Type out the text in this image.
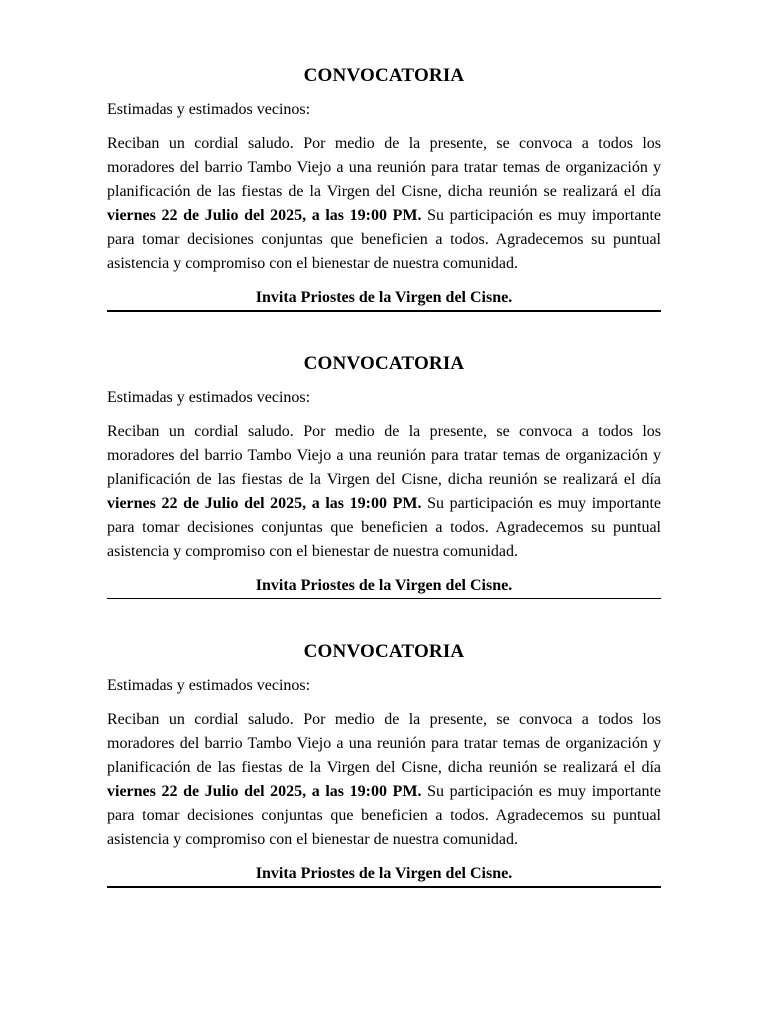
CONVOCATORIA

Estimadas y estimados vecinos:

Reciban un cordial saludo. Por medio de la presente, se convoca a todos los moradores del barrio Tambo Viejo a una reunión para tratar temas de organización y planificación de las fiestas de la Virgen del Cisne, dicha reunión se realizará el día viernes 22 de Julio del 2025, a las 19:00 PM. Su participación es muy importante para tomar decisiones conjuntas que beneficien a todos. Agradecemos su puntual asistencia y compromiso con el bienestar de nuestra comunidad.

Invita Priostes de la Virgen del Cisne.

CONVOCATORIA

Estimadas y estimados vecinos:

Reciban un cordial saludo. Por medio de la presente, se convoca a todos los moradores del barrio Tambo Viejo a una reunión para tratar temas de organización y planificación de las fiestas de la Virgen del Cisne, dicha reunión se realizará el día viernes 22 de Julio del 2025, a las 19:00 PM. Su participación es muy importante para tomar decisiones conjuntas que beneficien a todos. Agradecemos su puntual asistencia y compromiso con el bienestar de nuestra comunidad.

Invita Priostes de la Virgen del Cisne.

CONVOCATORIA

Estimadas y estimados vecinos:

Reciban un cordial saludo. Por medio de la presente, se convoca a todos los moradores del barrio Tambo Viejo a una reunión para tratar temas de organización y planificación de las fiestas de la Virgen del Cisne, dicha reunión se realizará el día viernes 22 de Julio del 2025, a las 19:00 PM. Su participación es muy importante para tomar decisiones conjuntas que beneficien a todos. Agradecemos su puntual asistencia y compromiso con el bienestar de nuestra comunidad.

Invita Priostes de la Virgen del Cisne.
